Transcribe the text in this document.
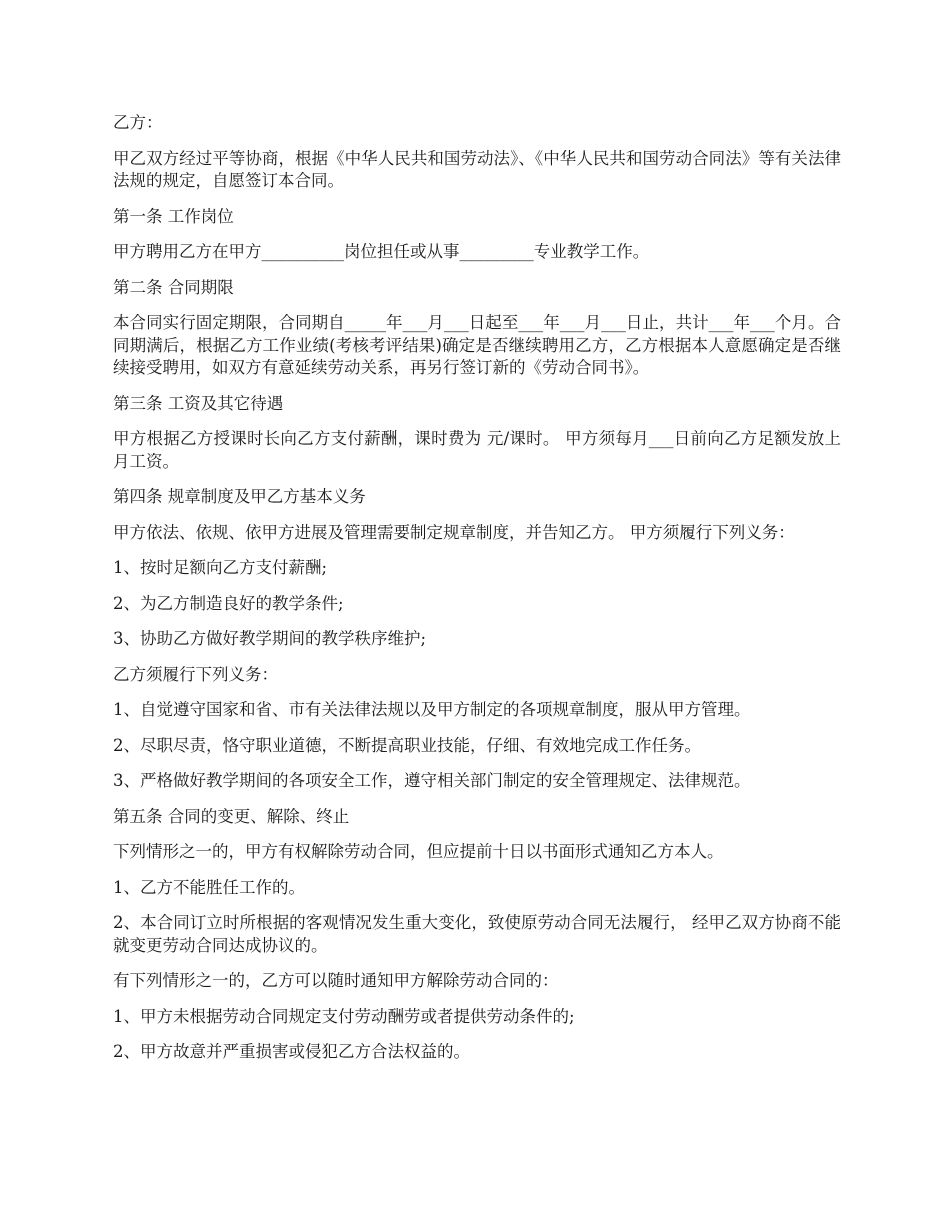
乙方：

甲乙双方经过平等协商，根据《中华人民共和国劳动法》、《中华人民共和国劳动合同法》等有关法律法规的规定，自愿签订本合同。

第一条 工作岗位

甲方聘用乙方在甲方__________岗位担任或从事_________专业教学工作。

第二条 合同期限

本合同实行固定期限，合同期自_____年___月___日起至___年___月___日止，共计___年___个月。合同期满后，根据乙方工作业绩(考核考评结果)确定是否继续聘用乙方，乙方根据本人意愿确定是否继续接受聘用，如双方有意延续劳动关系，再另行签订新的《劳动合同书》。

第三条 工资及其它待遇

甲方根据乙方授课时长向乙方支付薪酬，课时费为 元/课时。 甲方须每月___日前向乙方足额发放上月工资。

第四条 规章制度及甲乙方基本义务

甲方依法、依规、依甲方进展及管理需要制定规章制度，并告知乙方。 甲方须履行下列义务：

1、按时足额向乙方支付薪酬;

2、为乙方制造良好的教学条件;

3、协助乙方做好教学期间的教学秩序维护;

乙方须履行下列义务：

1、自觉遵守国家和省、市有关法律法规以及甲方制定的各项规章制度，服从甲方管理。

2、尽职尽责，恪守职业道德，不断提高职业技能，仔细、有效地完成工作任务。

3、严格做好教学期间的各项安全工作，遵守相关部门制定的安全管理规定、法律规范。

第五条 合同的变更、解除、终止

下列情形之一的，甲方有权解除劳动合同，但应提前十日以书面形式通知乙方本人。

1、乙方不能胜任工作的。

2、本合同订立时所根据的客观情况发生重大变化，致使原劳动合同无法履行， 经甲乙双方协商不能就变更劳动合同达成协议的。

有下列情形之一的，乙方可以随时通知甲方解除劳动合同的：

1、甲方未根据劳动合同规定支付劳动酬劳或者提供劳动条件的;

2、甲方故意并严重损害或侵犯乙方合法权益的。
